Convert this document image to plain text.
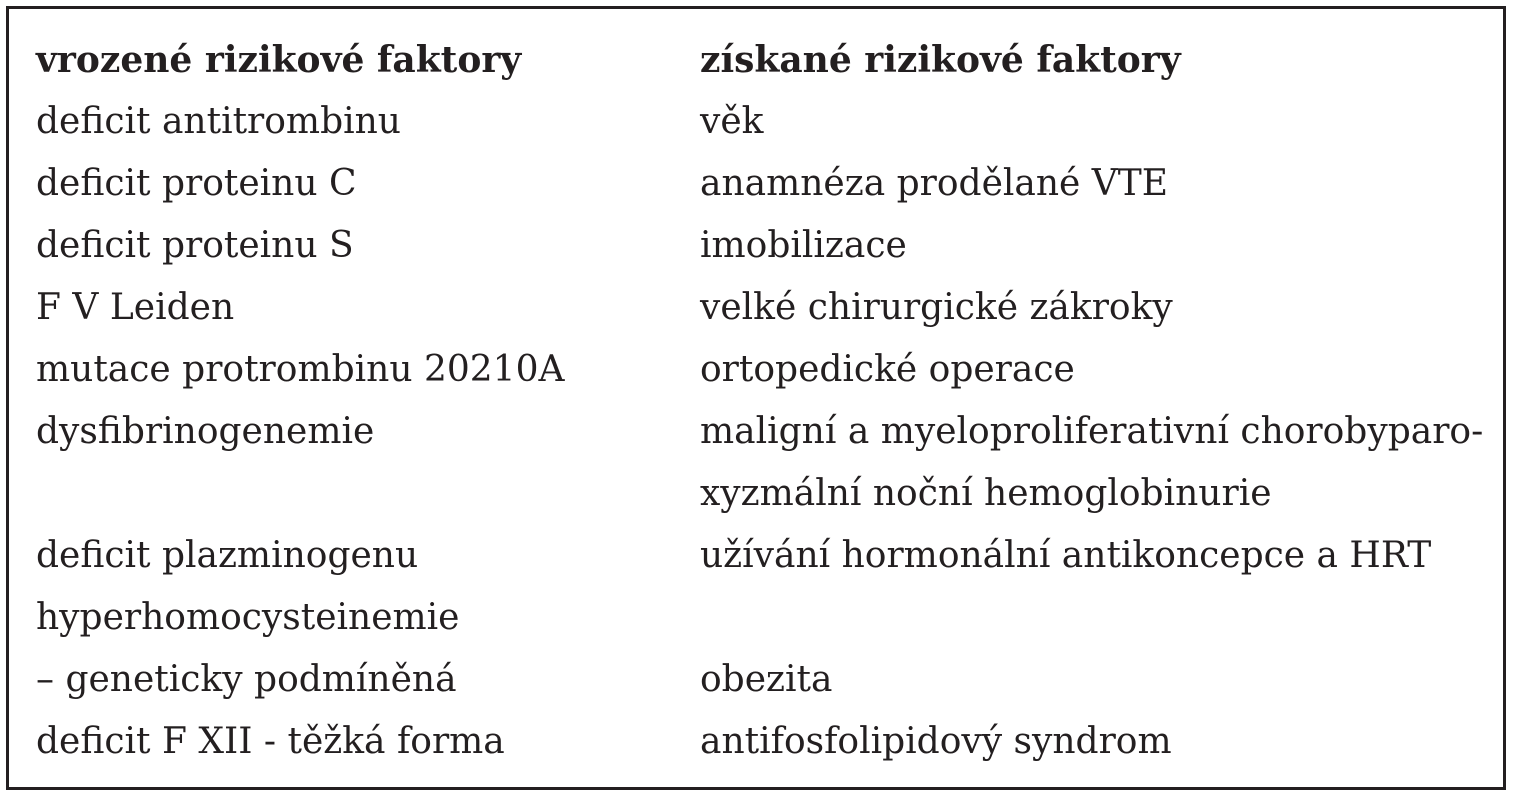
vrozené rizikové faktory	získané rizikové faktory
deficit antitrombinu	věk
deficit proteinu C	anamnéza prodělané VTE
deficit proteinu S	imobilizace
F V Leiden	velké chirurgické zákroky
mutace protrombinu 20210A	ortopedické operace
dysfibrinogenemie	maligní a myeloproliferativní chorobyparo-
xyzmální noční hemoglobinurie
deficit plazminogenu	užívání hormonální antikoncepce a HRT
hyperhomocysteinemie
– geneticky podmíněná	obezita
deficit F XII - těžká forma	antifosfolipidový syndrom
